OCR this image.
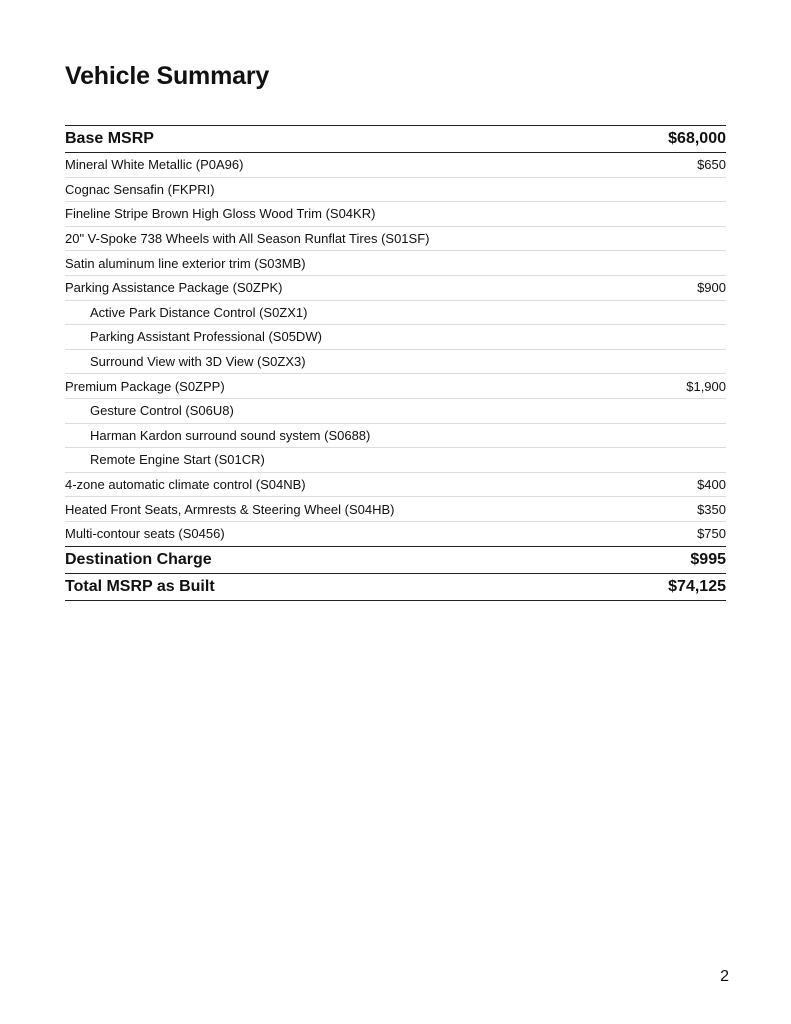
Vehicle Summary
Base MSRP	$68,000
Mineral White Metallic (P0A96)	$650
Cognac Sensafin (FKPRI)
Fineline Stripe Brown High Gloss Wood Trim (S04KR)
20" V-Spoke 738 Wheels with All Season Runflat Tires (S01SF)
Satin aluminum line exterior trim (S03MB)
Parking Assistance Package (S0ZPK)	$900
Active Park Distance Control (S0ZX1)
Parking Assistant Professional (S05DW)
Surround View with 3D View (S0ZX3)
Premium Package (S0ZPP)	$1,900
Gesture Control (S06U8)
Harman Kardon surround sound system (S0688)
Remote Engine Start (S01CR)
4-zone automatic climate control (S04NB)	$400
Heated Front Seats, Armrests & Steering Wheel (S04HB)	$350
Multi-contour seats (S0456)	$750
Destination Charge	$995
Total MSRP as Built	$74,125
2
